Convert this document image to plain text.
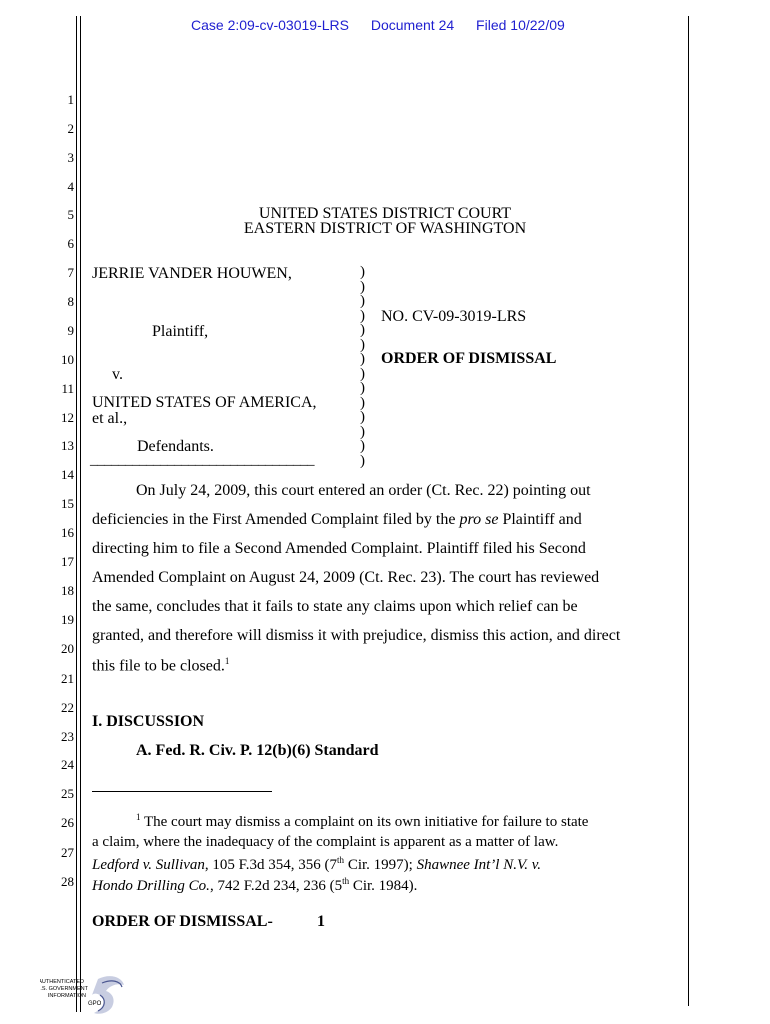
Case 2:09-cv-03019-LRS Document 24 Filed 10/22/09
1
2
3
4
5
6
7
8
9
10
11
12
13
14
15
16
17
18
19
20
21
22
23
24
25
26
27
28
UNITED STATES DISTRICT COURT
EASTERN DISTRICT OF WASHINGTON
JERRIE VANDER HOUWEN,
Plaintiff,
v.
UNITED STATES OF AMERICA,
et al.,
Defendants.
________________________________
)
)
)
)
)
)
)
)
)
)
)
)
)
)
NO. CV-09-3019-LRS
ORDER OF DISMISSAL
On July 24, 2009, this court entered an order (Ct. Rec. 22) pointing out
deficiencies in the First Amended Complaint filed by the pro se Plaintiff and
directing him to file a Second Amended Complaint. Plaintiff filed his Second
Amended Complaint on August 24, 2009 (Ct. Rec. 23). The court has reviewed
the same, concludes that it fails to state any claims upon which relief can be
granted, and therefore will dismiss it with prejudice, dismiss this action, and direct
this file to be closed.$^1$
I. DISCUSSION
A. Fed. R. Civ. P. 12(b)(6) Standard
$^1$ The court may dismiss a complaint on its own initiative for failure to state
a claim, where the inadequacy of the complaint is apparent as a matter of law.
Ledford v. Sullivan, 105 F.3d 354, 356 (7th Cir. 1997); Shawnee Int’l N.V. v.
Hondo Drilling Co., 742 F.2d 234, 236 (5th Cir. 1984).
ORDER OF DISMISSAL-	1
AUTHENTICATED
U.S. GOVERNMENT
INFORMATION
GPO
